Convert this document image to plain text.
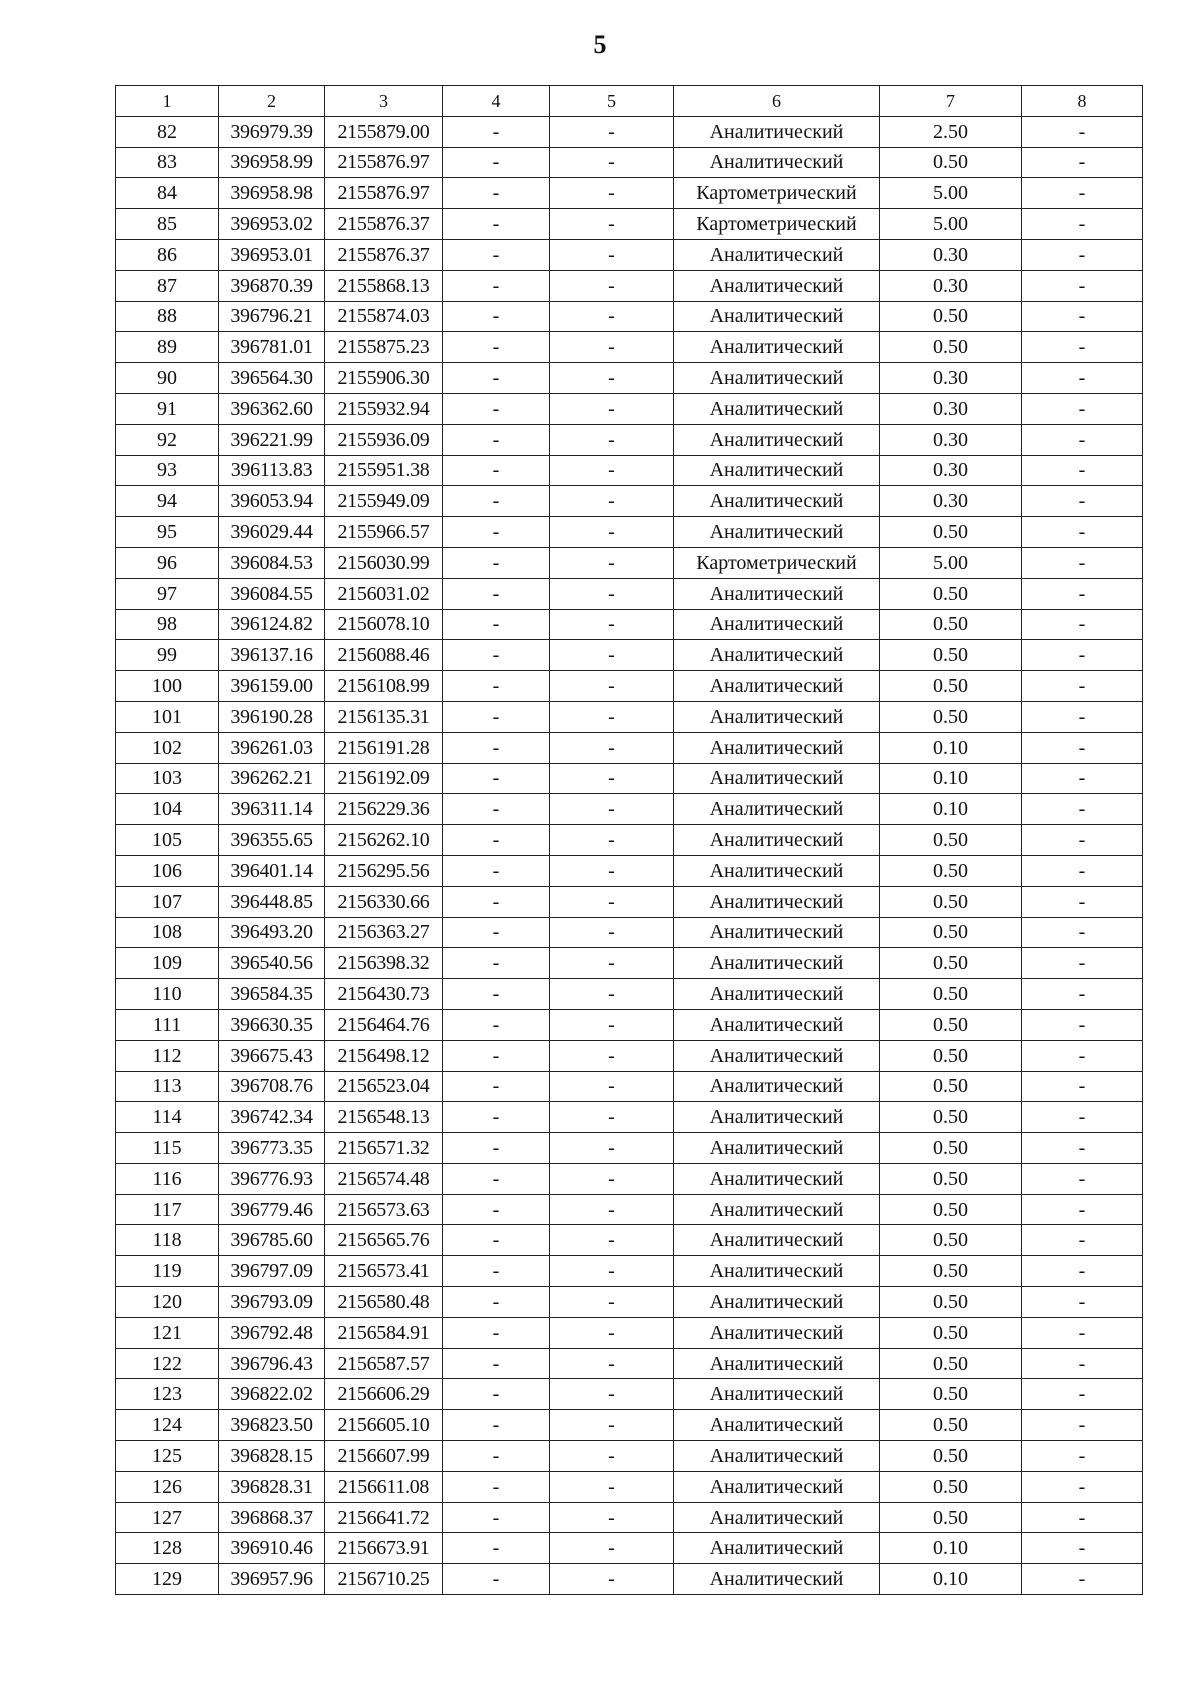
5
1	2	3	4	5	6	7	8
82	396979.39	2155879.00	-	-	Аналитический	2.50	-
83	396958.99	2155876.97	-	-	Аналитический	0.50	-
84	396958.98	2155876.97	-	-	Картометрический	5.00	-
85	396953.02	2155876.37	-	-	Картометрический	5.00	-
86	396953.01	2155876.37	-	-	Аналитический	0.30	-
87	396870.39	2155868.13	-	-	Аналитический	0.30	-
88	396796.21	2155874.03	-	-	Аналитический	0.50	-
89	396781.01	2155875.23	-	-	Аналитический	0.50	-
90	396564.30	2155906.30	-	-	Аналитический	0.30	-
91	396362.60	2155932.94	-	-	Аналитический	0.30	-
92	396221.99	2155936.09	-	-	Аналитический	0.30	-
93	396113.83	2155951.38	-	-	Аналитический	0.30	-
94	396053.94	2155949.09	-	-	Аналитический	0.30	-
95	396029.44	2155966.57	-	-	Аналитический	0.50	-
96	396084.53	2156030.99	-	-	Картометрический	5.00	-
97	396084.55	2156031.02	-	-	Аналитический	0.50	-
98	396124.82	2156078.10	-	-	Аналитический	0.50	-
99	396137.16	2156088.46	-	-	Аналитический	0.50	-
100	396159.00	2156108.99	-	-	Аналитический	0.50	-
101	396190.28	2156135.31	-	-	Аналитический	0.50	-
102	396261.03	2156191.28	-	-	Аналитический	0.10	-
103	396262.21	2156192.09	-	-	Аналитический	0.10	-
104	396311.14	2156229.36	-	-	Аналитический	0.10	-
105	396355.65	2156262.10	-	-	Аналитический	0.50	-
106	396401.14	2156295.56	-	-	Аналитический	0.50	-
107	396448.85	2156330.66	-	-	Аналитический	0.50	-
108	396493.20	2156363.27	-	-	Аналитический	0.50	-
109	396540.56	2156398.32	-	-	Аналитический	0.50	-
110	396584.35	2156430.73	-	-	Аналитический	0.50	-
111	396630.35	2156464.76	-	-	Аналитический	0.50	-
112	396675.43	2156498.12	-	-	Аналитический	0.50	-
113	396708.76	2156523.04	-	-	Аналитический	0.50	-
114	396742.34	2156548.13	-	-	Аналитический	0.50	-
115	396773.35	2156571.32	-	-	Аналитический	0.50	-
116	396776.93	2156574.48	-	-	Аналитический	0.50	-
117	396779.46	2156573.63	-	-	Аналитический	0.50	-
118	396785.60	2156565.76	-	-	Аналитический	0.50	-
119	396797.09	2156573.41	-	-	Аналитический	0.50	-
120	396793.09	2156580.48	-	-	Аналитический	0.50	-
121	396792.48	2156584.91	-	-	Аналитический	0.50	-
122	396796.43	2156587.57	-	-	Аналитический	0.50	-
123	396822.02	2156606.29	-	-	Аналитический	0.50	-
124	396823.50	2156605.10	-	-	Аналитический	0.50	-
125	396828.15	2156607.99	-	-	Аналитический	0.50	-
126	396828.31	2156611.08	-	-	Аналитический	0.50	-
127	396868.37	2156641.72	-	-	Аналитический	0.50	-
128	396910.46	2156673.91	-	-	Аналитический	0.10	-
129	396957.96	2156710.25	-	-	Аналитический	0.10	-
